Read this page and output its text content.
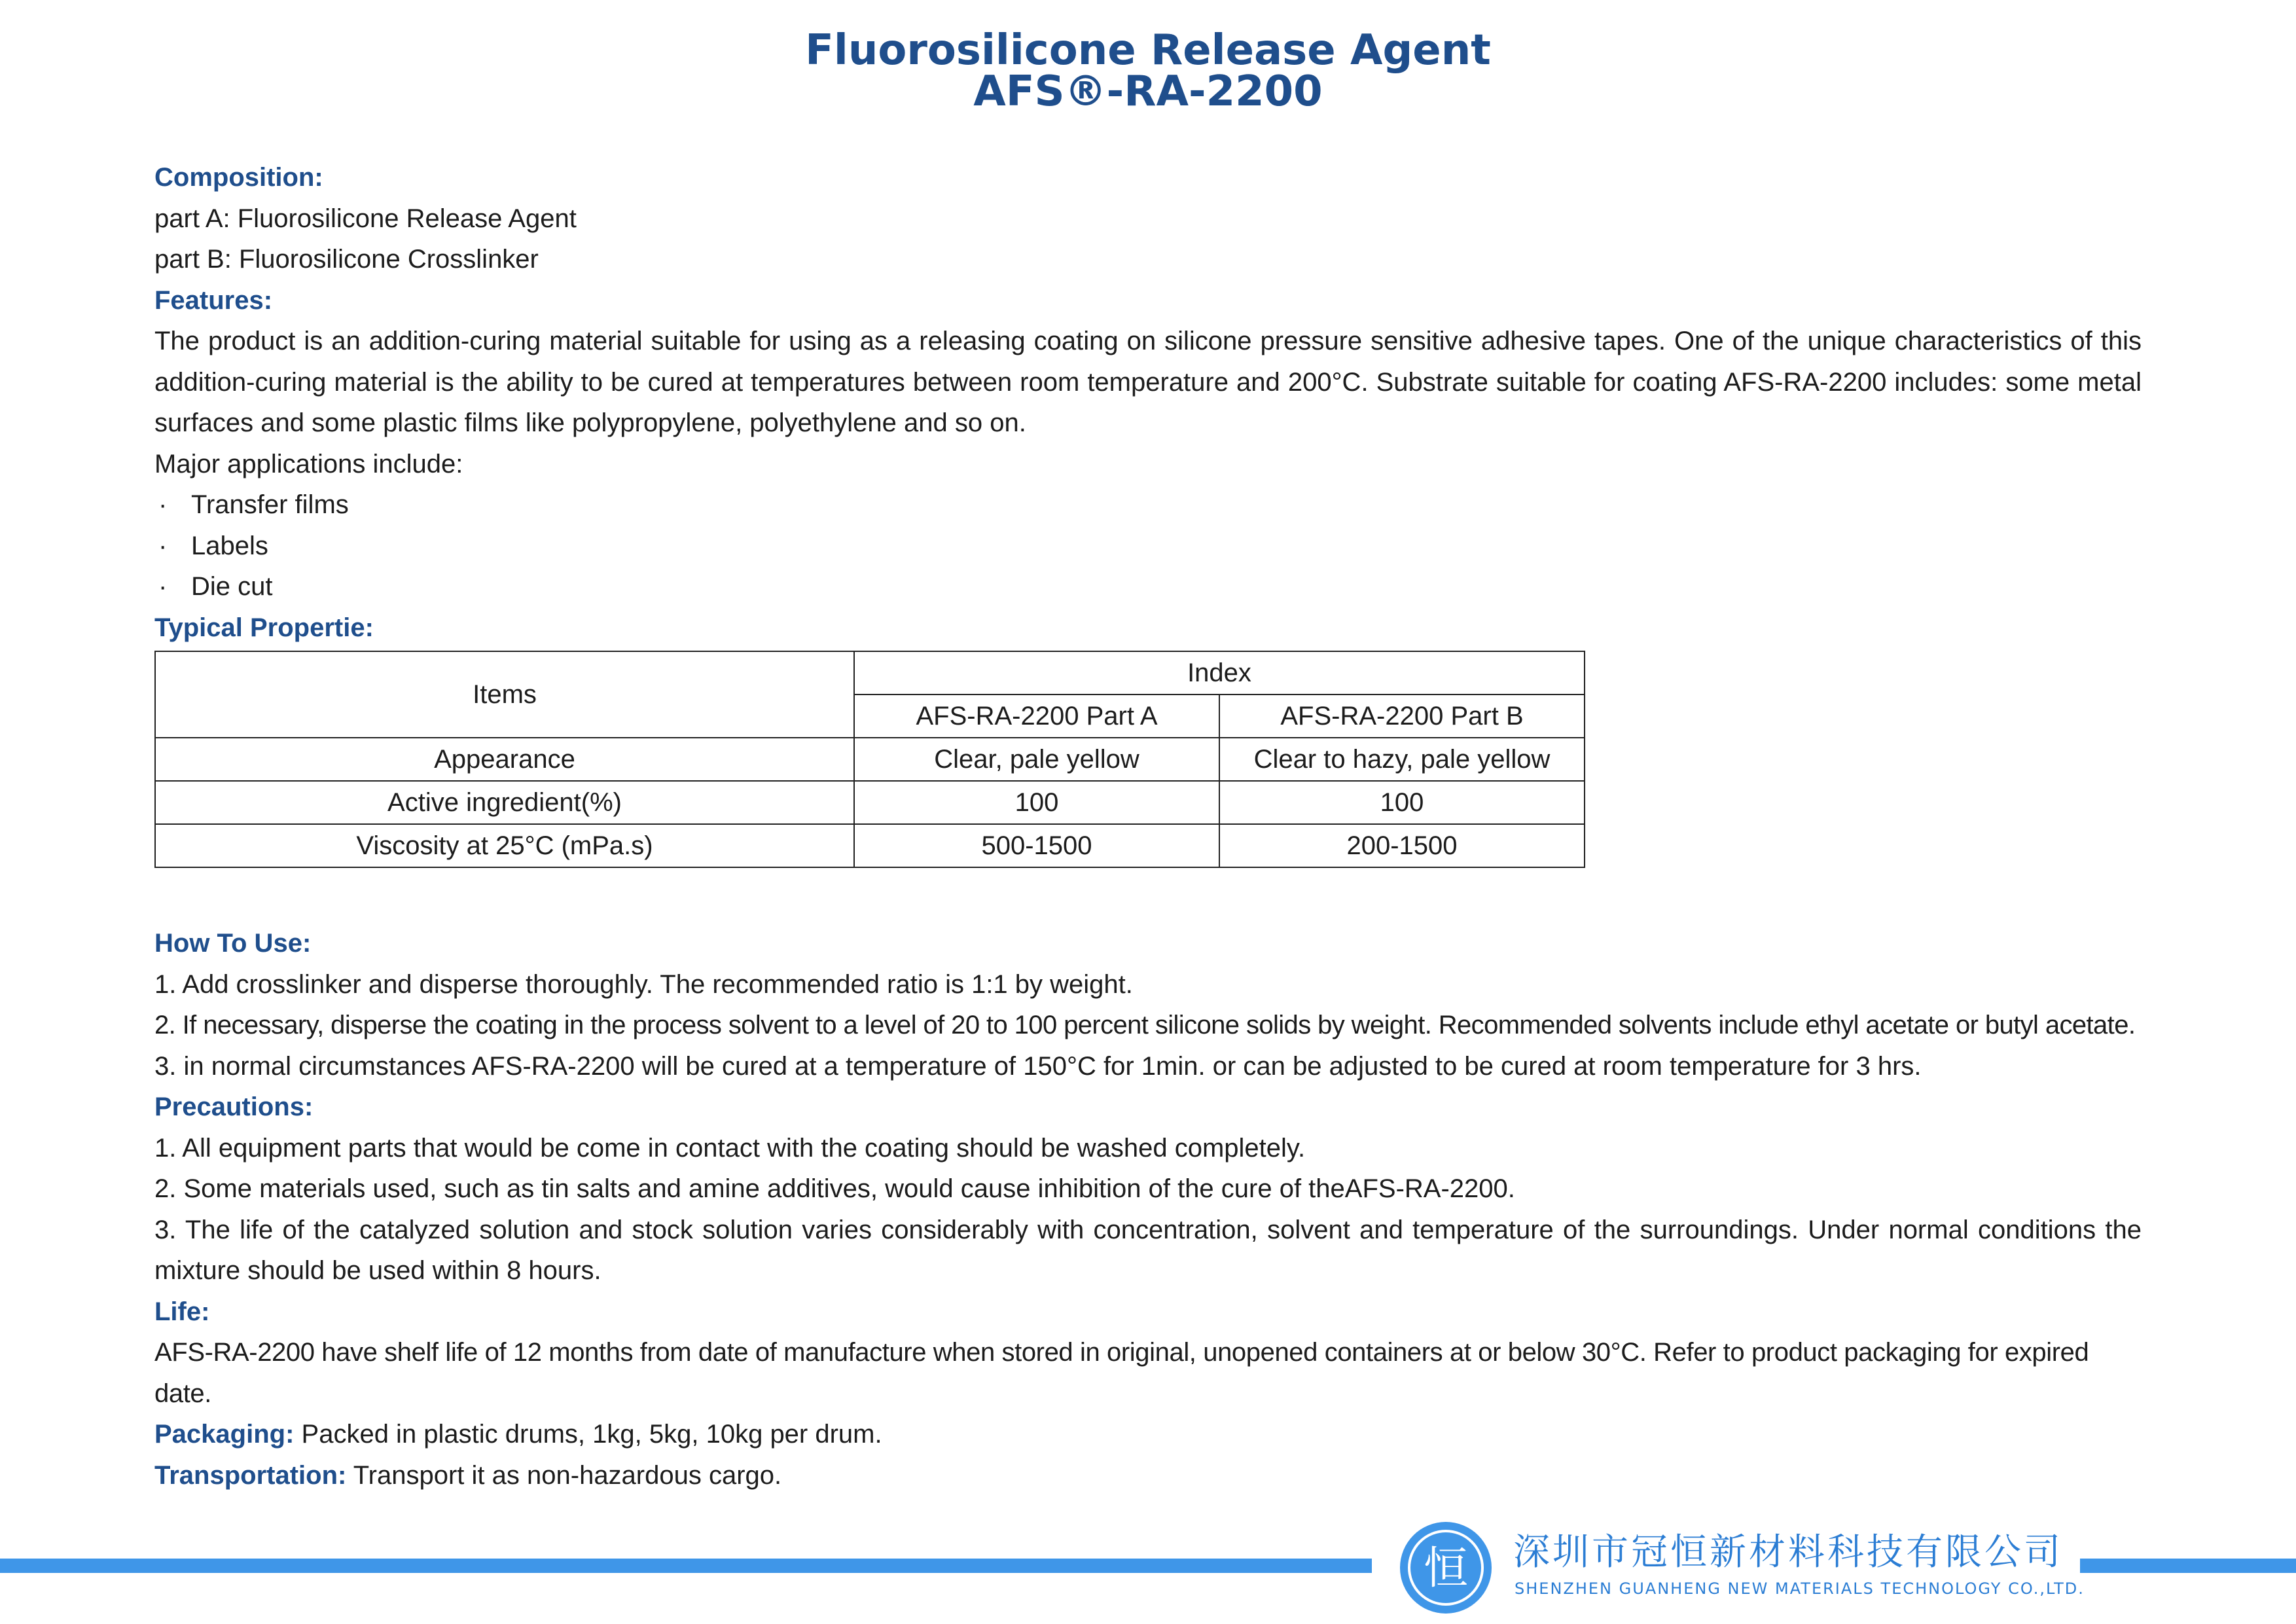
Fluorosilicone Release Agent
AFS®-RA-2200
Composition:
part A: Fluorosilicone Release Agent
part B: Fluorosilicone Crosslinker
Features:
The product is an addition-curing material suitable for using as a releasing coating on silicone pressure sensitive adhesive tapes. One of the unique characteristics of this addition-curing material is the ability to be cured at temperatures between room temperature and 200°C. Substrate suitable for coating AFS-RA-2200 includes: some metal surfaces and some plastic films like polypropylene, polyethylene and so on.
Major applications include:
· Transfer films
· Labels
· Die cut
Typical Propertie:
Items	Index	
	AFS-RA-2200 Part A	AFS-RA-2200 Part B
Appearance	Clear, pale yellow	Clear to hazy, pale yellow
Active ingredient(%)	100	100
Viscosity at 25°C (mPa.s)	500-1500	200-1500
How To Use:
1. Add crosslinker and disperse thoroughly. The recommended ratio is 1:1 by weight.
2. If necessary, disperse the coating in the process solvent to a level of 20 to 100 percent silicone solids by weight. Recommended solvents include ethyl acetate or butyl acetate.
3. in normal circumstances AFS-RA-2200 will be cured at a temperature of 150°C for 1min. or can be adjusted to be cured at room temperature for 3 hrs.
Precautions:
1. All equipment parts that would be come in contact with the coating should be washed completely.
2. Some materials used, such as tin salts and amine additives, would cause inhibition of the cure of theAFS-RA-2200.
3. The life of the catalyzed solution and stock solution varies considerably with concentration, solvent and temperature of the surroundings. Under normal conditions the mixture should be used within 8 hours.
Life:
AFS-RA-2200 have shelf life of 12 months from date of manufacture when stored in original, unopened containers at or below 30°C. Refer to product packaging for expired date.
Packaging: Packed in plastic drums, 1kg, 5kg, 10kg per drum.
Transportation: Transport it as non-hazardous cargo.
恒 深圳市冠恒新材料科技有限公司
SHENZHEN GUANHENG NEW MATERIALS TECHNOLOGY CO.,LTD.
